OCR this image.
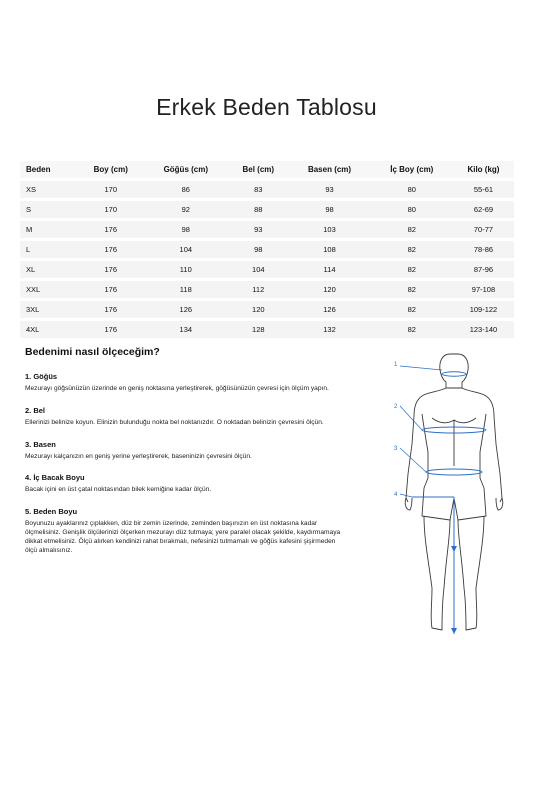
Erkek Beden Tablosu
Beden	Boy (cm)	Göğüs (cm)	Bel (cm)	Basen (cm)	İç Boy (cm)	Kilo (kg)
XS	170	86	83	93	80	55-61
S	170	92	88	98	80	62-69
M	176	98	93	103	82	70-77
L	176	104	98	108	82	78-86
XL	176	110	104	114	82	87-96
XXL	176	118	112	120	82	97-108
3XL	176	126	120	126	82	109-122
4XL	176	134	128	132	82	123-140
Bedenimi nasıl ölçeceğim?
1. Göğüs

Mezurayı göğsünüzün üzerinde en geniş noktasına yerleştirerek, göğüsünüzün çevresi için ölçüm yapın.

2. Bel

Ellerinizi belinize koyun. Elinizin bulunduğu nokta bel noktanızdır. O noktadan belinizin çevresini ölçün.

3. Basen

Mezurayı kalçanızın en geniş yerine yerleştirerek, baseninizin çevresini ölçün.

4. İç Bacak Boyu

Bacak içini en üst çatal noktasından bilek kemiğine kadar ölçün.

5. Beden Boyu

Boyunuzu ayaklarınız çıplakken, düz bir zemin üzerinde, zeminden başınızın en üst noktasına kadar ölçmelisiniz. Genişlik ölçülerinizi ölçerken mezurayı düz tutmaya; yere paralel olacak şekilde, kaydırmamaya dikkat etmelisiniz. Ölçü alırken kendinizi rahat bırakmalı, nefesinizi tutmamalı ve göğüs kafesini şişirmeden ölçü almalısınız.

1
2
3
4
